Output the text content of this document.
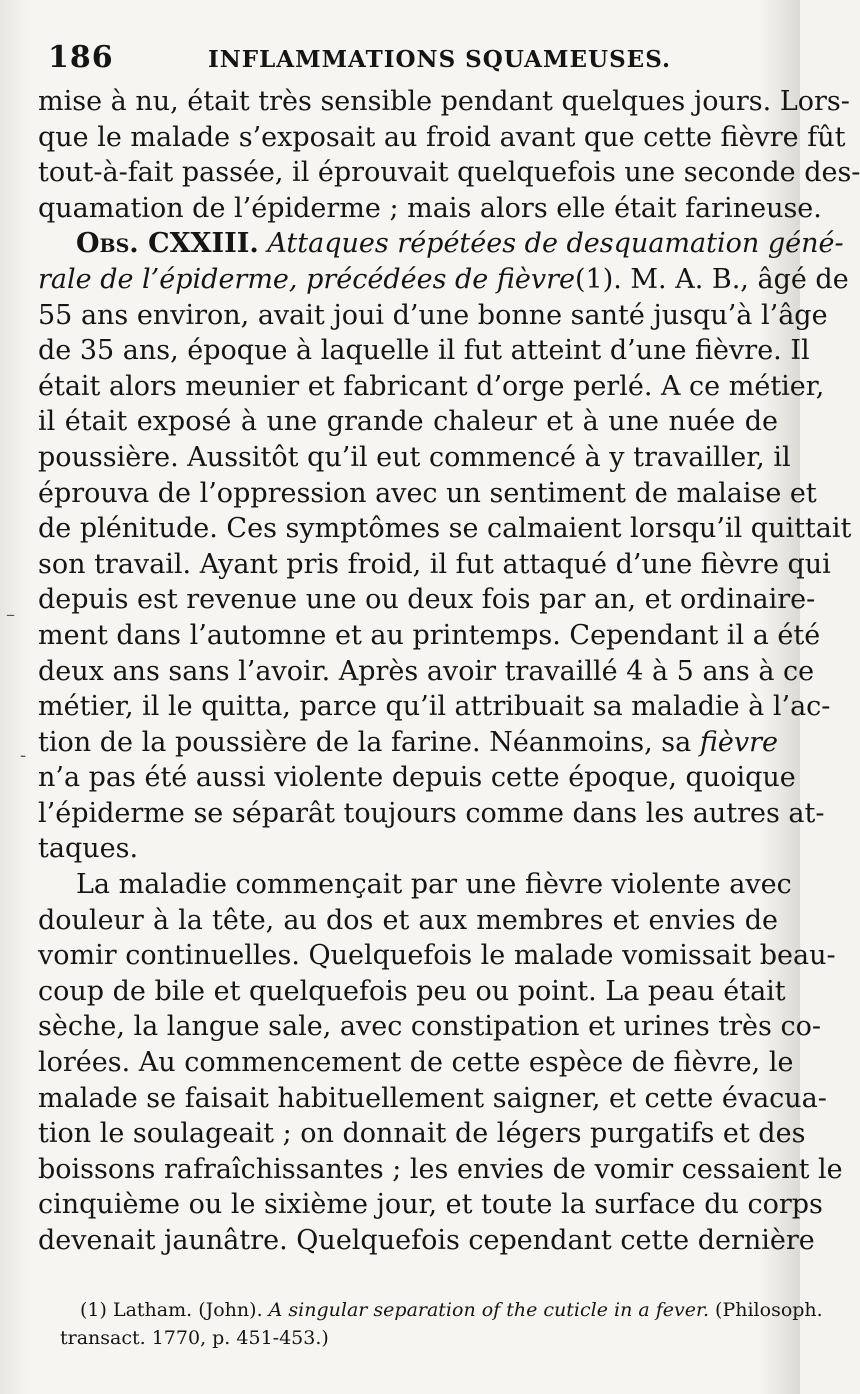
186	INFLAMMATIONS SQUAMEUSES.
mise à nu, était très sensible pendant quelques jours. Lors-
que le malade s’exposait au froid avant que cette fièvre fût
tout-à-fait passée, il éprouvait quelquefois une seconde des-
quamation de l’épiderme ; mais alors elle était farineuse.
Obs. CXXIII. Attaques répétées de desquamation géné-
rale de l’épiderme, précédées de fièvre(1). M. A. B., âgé de
55 ans environ, avait joui d’une bonne santé jusqu’à l’âge
de 35 ans, époque à laquelle il fut atteint d’une fièvre. Il
était alors meunier et fabricant d’orge perlé. A ce métier,
il était exposé à une grande chaleur et à une nuée de
poussière. Aussitôt qu’il eut commencé à y travailler, il
éprouva de l’oppression avec un sentiment de malaise et
de plénitude. Ces symptômes se calmaient lorsqu’il quittait
son travail. Ayant pris froid, il fut attaqué d’une fièvre qui
depuis est revenue une ou deux fois par an, et ordinaire-
ment dans l’automne et au printemps. Cependant il a été
deux ans sans l’avoir. Après avoir travaillé 4 à 5 ans à ce
métier, il le quitta, parce qu’il attribuait sa maladie à l’ac-
tion de la poussière de la farine. Néanmoins, sa fièvre
n’a pas été aussi violente depuis cette époque, quoique
l’épiderme se séparât toujours comme dans les autres at-
taques.
La maladie commençait par une fièvre violente avec
douleur à la tête, au dos et aux membres et envies de
vomir continuelles. Quelquefois le malade vomissait beau-
coup de bile et quelquefois peu ou point. La peau était
sèche, la langue sale, avec constipation et urines très co-
lorées. Au commencement de cette espèce de fièvre, le
malade se faisait habituellement saigner, et cette évacua-
tion le soulageait ; on donnait de légers purgatifs et des
boissons rafraîchissantes ; les envies de vomir cessaient le
cinquième ou le sixième jour, et toute la surface du corps
devenait jaunâtre. Quelquefois cependant cette dernière
(1) Latham. (John). A singular separation of the cuticle in a fever. (Philosoph.
transact. 1770, p. 451-453.)
–
-
